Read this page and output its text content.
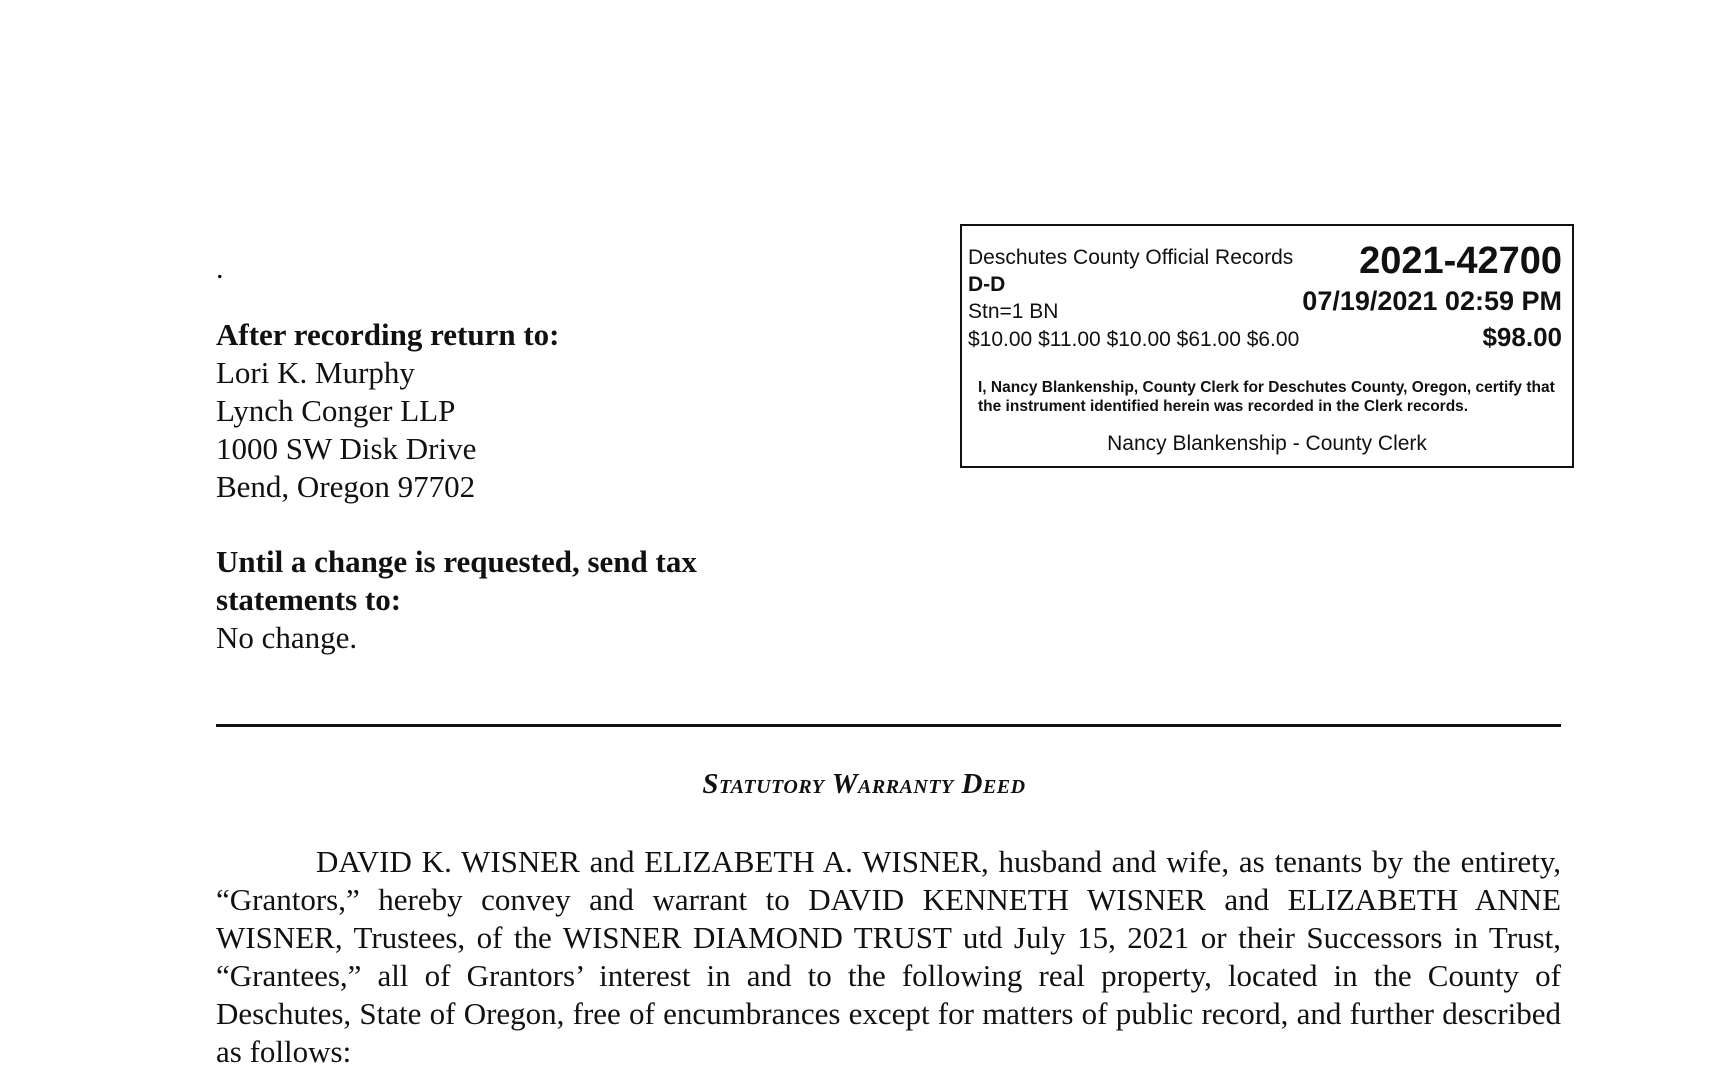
.
After recording return to:
Lori K. Murphy
Lynch Conger LLP
1000 SW Disk Drive
Bend, Oregon 97702
Until a change is requested, send tax statements to:
No change.
Deschutes County Official Records 2021-42700
D-D
Stn=1 BN	07/19/2021 02:59 PM
$10.00 $11.00 $10.00 $61.00 $6.00	$98.00
I, Nancy Blankenship, County Clerk for Deschutes County, Oregon, certify that the instrument identified herein was recorded in the Clerk records.
Nancy Blankenship - County Clerk
Statutory Warranty Deed

DAVID K. WISNER and ELIZABETH A. WISNER, husband and wife, as tenants by the entirety, “Grantors,” hereby convey and warrant to DAVID KENNETH WISNER and ELIZABETH ANNE WISNER, Trustees, of the WISNER DIAMOND TRUST utd July 15, 2021 or their Successors in Trust, “Grantees,” all of Grantors’ interest in and to the following real property, located in the County of Deschutes, State of Oregon, free of encumbrances except for matters of public record, and further described as follows:
